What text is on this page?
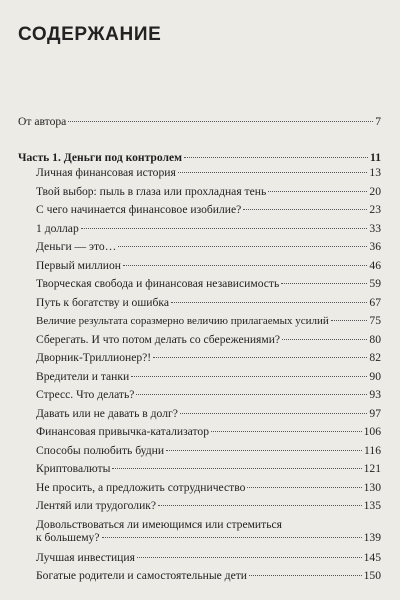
СОДЕРЖАНИЕ
От автора	7
Часть 1. Деньги под контролем	11
Личная финансовая история	13
Твой выбор: пыль в глаза или прохладная тень	20
С чего начинается финансовое изобилие?	23
1 доллар	33
Деньги — это…	36
Первый миллион	46
Творческая свобода и финансовая независимость	59
Путь к богатству и ошибка	67
Величие результата соразмерно величию прилагаемых усилий	75
Сберегать. И что потом делать со сбережениями?	80
Дворник-Триллионер?!	82
Вредители и танки	90
Стресс. Что делать?	93
Давать или не давать в долг?	97
Финансовая привычка-катализатор	106
Способы полюбить будни	116
Криптовалюты	121
Не просить, а предложить сотрудничество	130
Лентяй или трудоголик?	135
Довольствоваться ли имеющимся или стремиться
к большему?	139
Лучшая инвестиция	145
Богатые родители и самостоятельные дети	150
